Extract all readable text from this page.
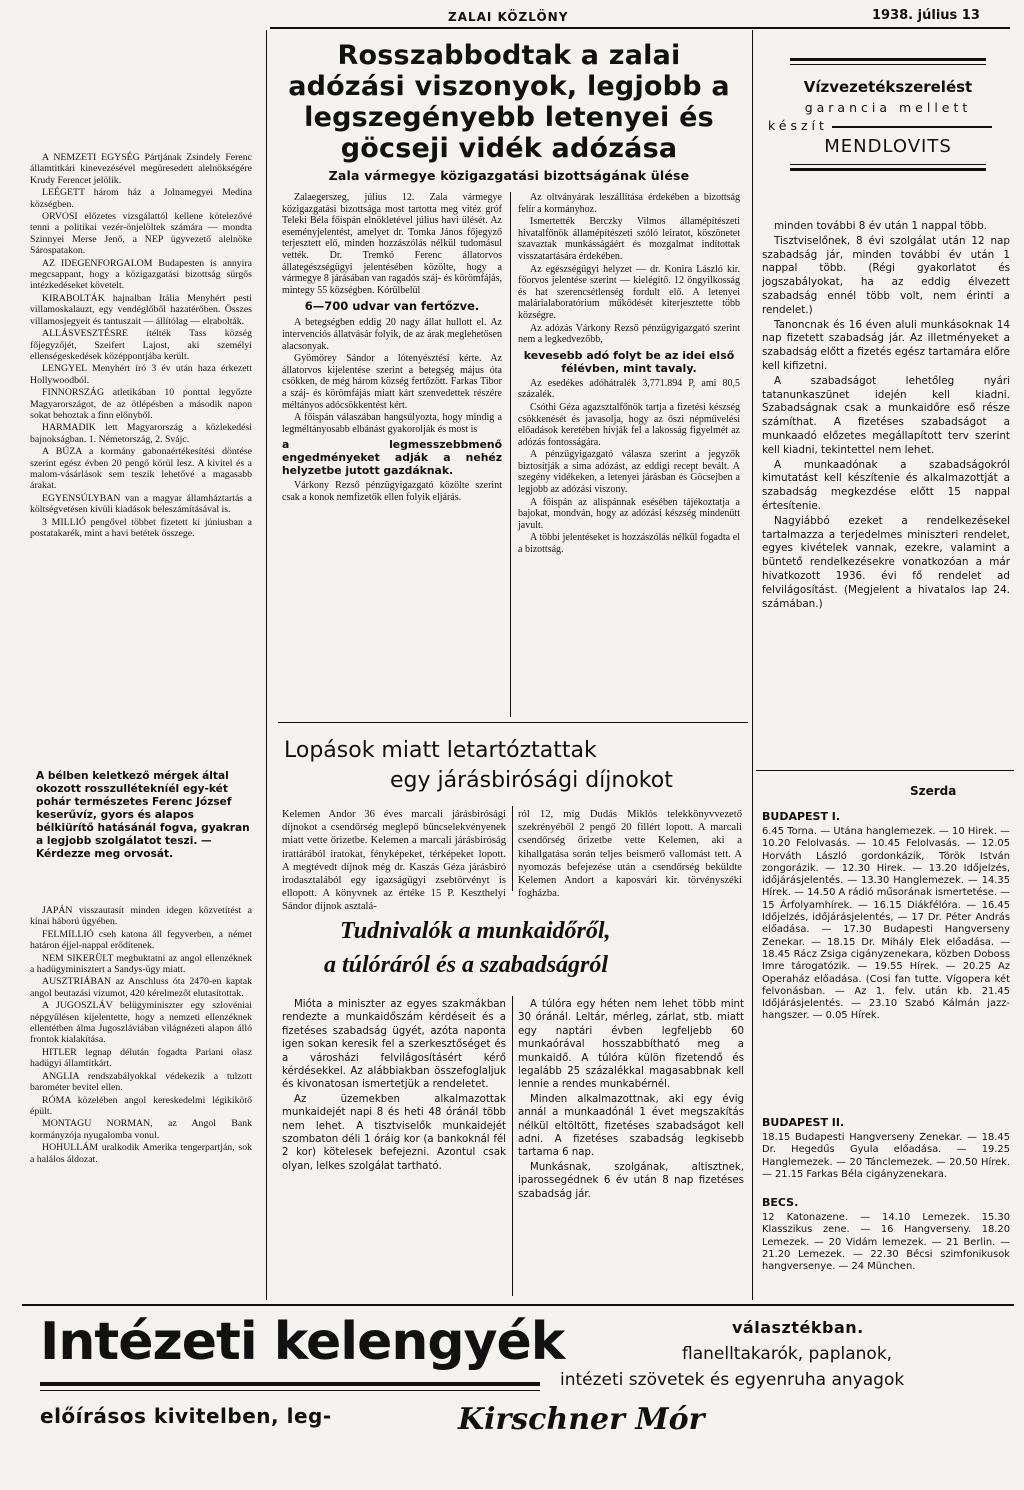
ZALAI KÖZLÖNY	1938. július 13

A NEMZETI EGYSÉG Pártjának Zsindely Ferenc államtitkári kinevezésével megüresedett alelnökségére Krudy Ferencet jelölik.

LEÉGETT három ház a Jolnamegyei Medina községben.

ORVOSI előzetes vizsgálattól kellene kötelezővé tenni a politikai vezér-önjelöltek számára — mondta Szinnyei Merse Jenő, a NEP ügyvezető alelnöke Sárospatakon.

AZ IDEGENFORGALOM Budapesten is annyira megcsappant, hogy a közigazgatási bizottság sürgős intézkedéseket követelt.

KIRABOLTÁK hajnalban Itália Menyhért pesti villamoskalauzt, egy vendéglőből hazatérőben. Összes villamosjegyeit és tantuszait — állítólag — elrabolták.

ALLÁSVESZTÉSRE ítélték Tass község főjegyzőjét, Szeifert Lajost, aki személyi ellenségeskedések középpontjába került.

LENGYEL Menyhért író 3 év után haza érkezett Hollywoodból.

FINNORSZÁG atletikában 10 ponttal legyőzte Magyarországot, de az ötlépésben a második napon sokat behoztak a finn előnyből.

HARMADIK lett Magyarország a közlekedési bajnokságban. 1. Németország, 2. Svájc.

A BÚZA a kormány gabonaértékesítési döntése szerint egész évben 20 pengő körül lesz. A kivitel és a malom-vásárlások sem teszik lehetővé a magasabb árakat.

EGYENSÚLYBAN van a magyar államháztartás a költségvetésen kívüli kiadások beleszámításával is.

3 MILLIÓ pengővel többet fizetett ki júniusban a postatakarék, mint a havi betétek összege.

A bélben keletkező mérgek által okozott rosszullétekníél egy-két pohár természetes Ferenc József keserűvíz, gyors és alapos bélkiürítő hatásánál fogva, gyakran a legjobb szolgálatot teszi. — Kérdezze meg orvosát.

JAPÁN visszautasít minden idegen közvetítést a kínai háború ügyében.

FELMILLIÓ cseh katona áll fegyverben, a német határon éjjel-nappal erődítenek.

NEM SIKERÜLT megbuktatni az angol ellenzéknek a hadügyminisztert a Sandys-ügy miatt.

AUSZTRIÁBAN az Anschluss óta 2470-en kaptak angol beutazási vízumot, 420 kérelmezőt elutasítottak.

A JUGOSZLÁV belügyminiszter egy szlovéniai népgyűlésen kijelentette, hogy a nemzeti ellenzéknek ellentétben álma Jugoszláviában világnézeti alapon álló frontok kialakítása.

HITLER legnap délután fogadta Pariani olasz hadügyi államtitkárt.

ANGLIA rendszabályokkal védekezik a tulzott barométer bevitel ellen.

RÓMA közelében angol kereskedelmi légikikötő épült.

MONTAGU NORMAN, az Angol Bank kormányzója nyugalomba vonul.

HOHULLÁM uralkodik Amerika tengerpartján, sok a halálos áldozat.

Rosszabbodtak a zalai adózási viszonyok, legjobb a legszegényebb letenyei és göcseji vidék adózása
Zala vármegye közigazgatási bizottságának ülése

Zalaegerszeg, július 12. Zala vármegye közigazgatási bizottsága most tartotta meg vitéz gróf Teleki Béla főispán elnökletével július havi ülését. Az eseményjelentést, amelyet dr. Tomka János főjegyző terjesztett elő, minden hozzászólás nélkül tudomásul vették. Dr. Tremkó Ferenc állatorvos állategészségügyi jelentésében közölte, hogy a vármegye 8 járásában van ragadós száj- és körömfájás, mintegy 55 községben. Kórülbelül

6—700 udvar van fertőzve.

A betegségben eddig 20 nagy állat hullott el. Az intervenciós állatvásár folyik, de az árak meglehetősen alacsonyak.

Gyömörey Sándor a lótenyésztési kérte. Az állatorvos kijelentése szerint a betegség május óta csökken, de még három község fertőzött. Farkas Tibor a száj- és körömfájás miatt kárt szenvedettek részére méltányos adócsökkentést kért.

A főispán válaszában hangsúlyozta, hogy mindig a legméltányosabb elbánást gyakorolják és most is

a legmesszebbmenő engedményeket adják a nehéz helyzetbe jutott gazdáknak.

Várkony Rezső pénzügyigazgató közölte szerint csak a konok nemfizetők ellen folyik eljárás.

Az oltványárak leszállítása érdekében a bizottság felír a kormányhoz.

Ismertették Berczky Vilmos államépítészeti hivatalfőnök államépítészeti szóló leiratot, köszönetet szavaztak munkásságáért és mozgalmat indítottak visszatartására érdekében.

Az egészségügyi helyzet — dr. Konira László kir. főorvos jelentése szerint — kielégítő. 12 öngyilkosság és hat szerencsétlenség fordult elő. A letenyei malárialaboratórium működését kiterjesztette több községre.

Az adózás Várkony Rezső pénzügyigazgató szerint nem a legkedvezőbb,

kevesebb adó folyt be az idei első félévben, mint tavaly.

Az esedékes adóhátralék 3,771.894 P, ami 80,5 százalék.

Csóthi Géza agazsztalfőnök tartja a fizetési készség csökkenését és javasolja, hogy az őszi népművelési előadások keretében hívják fel a lakosság figyelmét az adózás fontosságára.

A pénzügyigazgató válasza szerint a jegyzők biztosítják a sima adózást, az eddigi recept bevált. A szegény vidékeken, a letenyei járásban és Göcsejben a legjobb az adózási viszony.

A főispán az alispánnak esésében tájékoztatja a bajokat, mondván, hogy az adózási készség mindenütt javult.

A többi jelentéseket is hozzászólás nélkül fogadta el a bizottság.

Vízvezetékszerelést
garancia mellett
készít
MENDLOVITS

minden további 8 év után 1 nappal több.

Tisztviselőnek, 8 évi szolgálat után 12 nap szabadság jár, minden további év után 1 nappal több. (Régi gyakorlatot és jogszabályokat, ha az eddig élvezett szabadság ennél több volt, nem érinti a rendelet.)

Tanoncnak és 16 éven aluli munkásoknak 14 nap fizetett szabadság jár. Az illetményeket a szabadság előtt a fizetés egész tartamára előre kell kifizetni.

A szabadságot lehetőleg nyári tatanunkaszünet idején kell kiadni. Szabadságnak csak a munkaidőre eső része számíthat. A fizetéses szabadságot a munkaadó előzetes megállapított terv szerint kell kiadni, tekintettel nem lehet.

A munkaadónak a szabadságokról kimutatást kell készítenie és alkalmazottját a szabadság megkezdése előtt 15 nappal értesítenie.

Nagyiábbó ezeket a rendelkezésekel tartalmazza a terjedelmes miniszteri rendelet, egyes kivételek vannak, ezekre, valamint a büntető rendelkezésekre vonatkozóan a már hivatkozott 1936. évi fő rendelet ad felvilágosítást. (Megjelent a hivatalos lap 24. számában.)

Lopások miatt letartóztattak
egy járásbirósági díjnokot
Kelemen Andor 36 éves marcali járásbirósági díjnokot a csendőrség meglepő bűncselekvényenek miatt vette őrizetbe. Kelemen a marcali járásbiróság irattárából iratokat, fényképeket, térképeket lopott. A megtévedt díjnok még dr. Kaszás Géza járásbiró irodasztalából egy igazságügyi zsebtörvényt is ellopott. A könyvnek az értéke 15 P. Keszthelyi Sándor díjnok asztalá-
ról 12, míg Dudás Miklós telekkönyvvezető szekrényéből 2 pengő 20 fillért lopott. A marcali csendőrség őrizetbe vette Kelemen, aki a kihallgatása során teljes beismerő vallomást tett. A nyomozás befejezése után a csendőrség beküldte Kelemen Andort a kaposvári kir. törvényszéki fogházba.
Tudnivalók a munkaidőről,
a túlóráról és a szabadságról

Mióta a miniszter az egyes szakmákban rendezte a munkaidőszám kérdéseit és a fizetéses szabadság ügyét, azóta naponta igen sokan keresik fel a szerkesztőséget és a városházi felvilágosításért kérő kérdésekkel. Az alábbiakban összefoglaljuk és kivonatosan ismertetjük a rendeletet.

Az üzemekben alkalmazottak munkaidejét napi 8 és heti 48 óránál több nem lehet. A tisztviselők munkaidejét szombaton déli 1 óráig kor (a bankoknál fél 2 kor) kötelesek befejezni. Azontul csak olyan, lelkes szolgálat tartható.

A túlóra egy héten nem lehet több mint 30 óránál. Leltár, mérleg, zárlat, stb. miatt egy naptári évben legfeljebb 60 munkaórával hosszabbítható meg a munkaidő. A túlóra külön fizetendő és legalább 25 százalékkal magasabbnak kell lennie a rendes munkabérnél.

Minden alkalmazottnak, aki egy évig annál a munkaadónál 1 évet megszakítás nélkül eltöltött, fizetéses szabadságot kell adni. A fizetéses szabadság legkisebb tartama 6 nap.

Munkásnak, szolgának, altisztnek, iparossegédnek 6 év után 8 nap fizetéses szabadság jár.

Szerda
BUDAPEST I.
6.45 Torna. — Utána hanglemezek. — 10 Hirek. — 10.20 Felolvasás. — 10.45 Felolvasás. — 12.05 Horváth László gordonkázik, Török István zongorázik. — 12.30 Hirek. — 13.20 Időjelzés, időjárásjelentés. — 13.30 Hanglemezek. — 14.35 Hírek. — 14.50 A rádió műsorának ismertetése. — 15 Árfolyamhírek. — 16.15 Diákfélóra. — 16.45 Időjelzés, időjárásjelentés, — 17 Dr. Péter András előadása. — 17.30 Budapesti Hangverseny Zenekar. — 18.15 Dr. Mihály Elek előadása. — 18.45 Rácz Zsiga cigányzenekara, közben Doboss Imre tárogatózik. — 19.55 Hírek. — 20.25 Az Operaház előadása. (Cosi fan tutte. Vígopera két felvonásban. — Az 1. felv. után kb. 21.45 Időjárásjelentés. — 23.10 Szabó Kálmán jazz-hangszer. — 0.05 Hírek.
BUDAPEST II.
18.15 Budapesti Hangverseny Zenekar. — 18.45 Dr. Hegedűs Gyula előadása. — 19.25 Hanglemezek. — 20 Tánclemezek. — 20.50 Hírek. — 21.15 Farkas Béla cigányzenekara.
BECS.
12 Katonazene. — 14.10 Lemezek. 15.30 Klasszikus zene. — 16 Hangverseny. 18.20 Lemezek. — 20 Vidám lemezek. — 21 Berlin. — 21.20 Lemezek. — 22.30 Bécsi szimfonikusok hangversenye. — 24 München.
Intézeti kelengyék
előírásos kivitelben, leg-
választékban.
flanelltakarók, paplanok,
intézeti szövetek és egyenruha anyagok
Kirschner Mór
